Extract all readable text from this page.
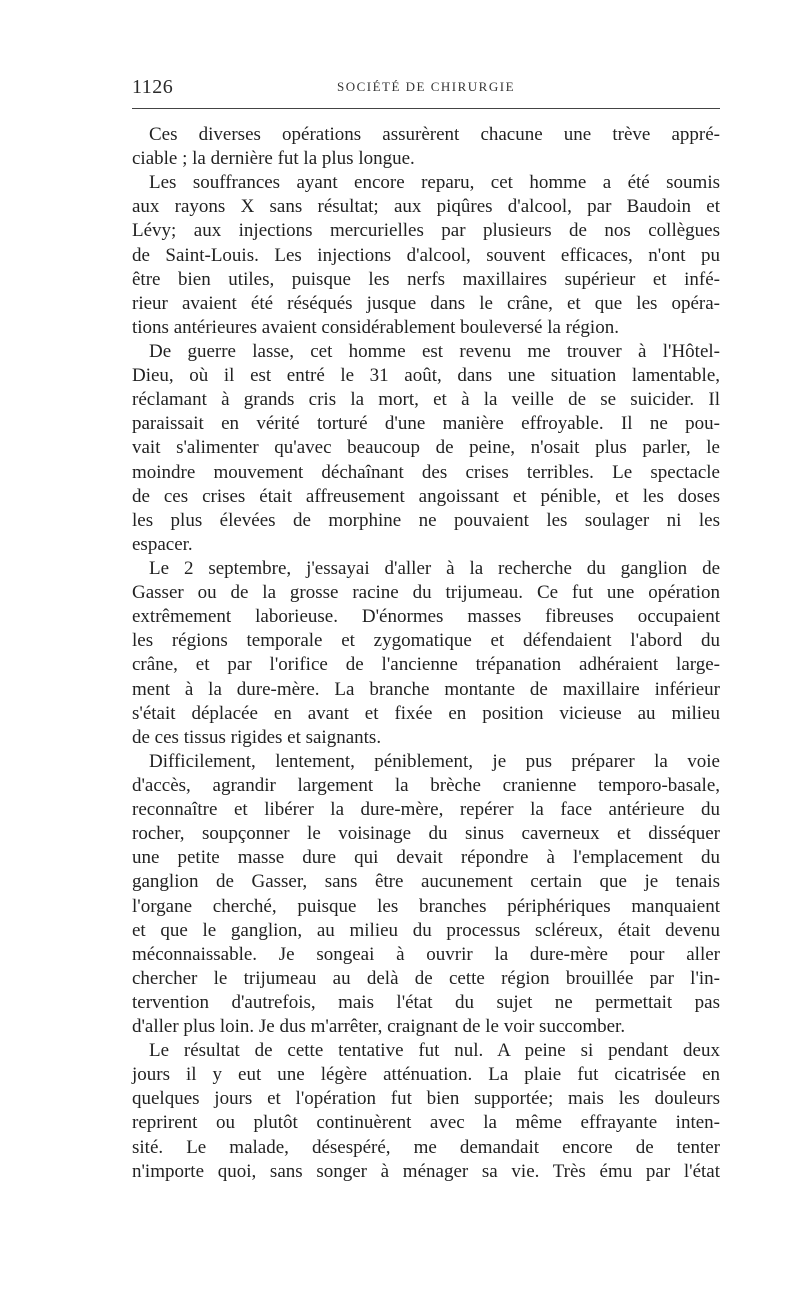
1126	SOCIÉTÉ DE CHIRURGIE
Ces diverses opérations assurèrent chacune une trève appré-
ciable ; la dernière fut la plus longue.
Les souffrances ayant encore reparu, cet homme a été soumis
aux rayons X sans résultat; aux piqûres d'alcool, par Baudoin et
Lévy; aux injections mercurielles par plusieurs de nos collègues
de Saint-Louis. Les injections d'alcool, souvent efficaces, n'ont pu
être bien utiles, puisque les nerfs maxillaires supérieur et infé-
rieur avaient été réséqués jusque dans le crâne, et que les opéra-
tions antérieures avaient considérablement bouleversé la région.
De guerre lasse, cet homme est revenu me trouver à l'Hôtel-
Dieu, où il est entré le 31 août, dans une situation lamentable,
réclamant à grands cris la mort, et à la veille de se suicider. Il
paraissait en vérité torturé d'une manière effroyable. Il ne pou-
vait s'alimenter qu'avec beaucoup de peine, n'osait plus parler, le
moindre mouvement déchaînant des crises terribles. Le spectacle
de ces crises était affreusement angoissant et pénible, et les doses
les plus élevées de morphine ne pouvaient les soulager ni les
espacer.
Le 2 septembre, j'essayai d'aller à la recherche du ganglion de
Gasser ou de la grosse racine du trijumeau. Ce fut une opération
extrêmement laborieuse. D'énormes masses fibreuses occupaient
les régions temporale et zygomatique et défendaient l'abord du
crâne, et par l'orifice de l'ancienne trépanation adhéraient large-
ment à la dure-mère. La branche montante de maxillaire inférieur
s'était déplacée en avant et fixée en position vicieuse au milieu
de ces tissus rigides et saignants.
Difficilement, lentement, péniblement, je pus préparer la voie
d'accès, agrandir largement la brèche cranienne temporo-basale,
reconnaître et libérer la dure-mère, repérer la face antérieure du
rocher, soupçonner le voisinage du sinus caverneux et disséquer
une petite masse dure qui devait répondre à l'emplacement du
ganglion de Gasser, sans être aucunement certain que je tenais
l'organe cherché, puisque les branches périphériques manquaient
et que le ganglion, au milieu du processus scléreux, était devenu
méconnaissable. Je songeai à ouvrir la dure-mère pour aller
chercher le trijumeau au delà de cette région brouillée par l'in-
tervention d'autrefois, mais l'état du sujet ne permettait pas
d'aller plus loin. Je dus m'arrêter, craignant de le voir succomber.
Le résultat de cette tentative fut nul. A peine si pendant deux
jours il y eut une légère atténuation. La plaie fut cicatrisée en
quelques jours et l'opération fut bien supportée; mais les douleurs
reprirent ou plutôt continuèrent avec la même effrayante inten-
sité. Le malade, désespéré, me demandait encore de tenter
n'importe quoi, sans songer à ménager sa vie. Très ému par l'état
